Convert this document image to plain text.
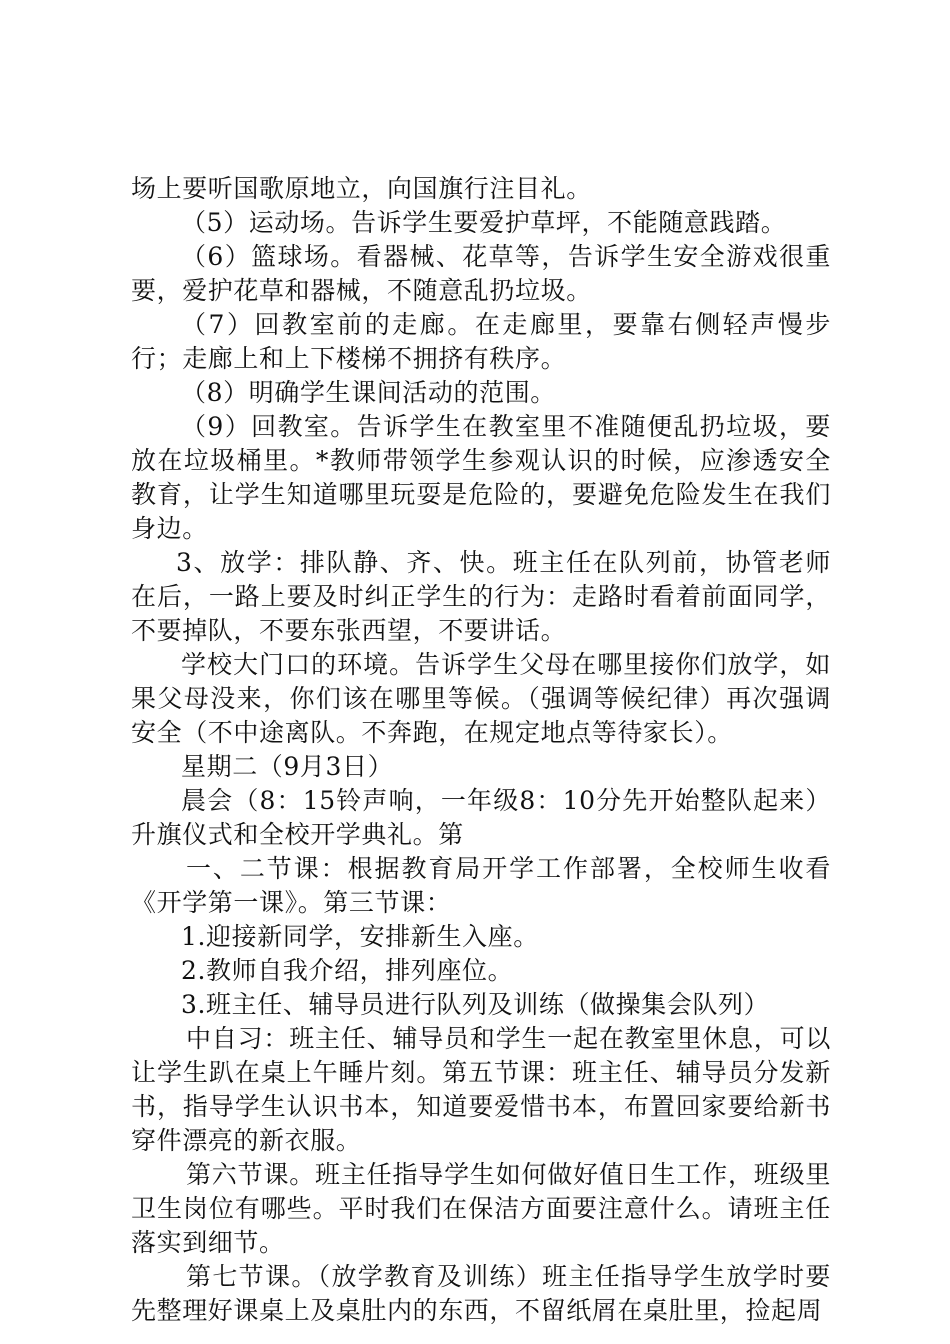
场上要听国歌原地立，向国旗行注目礼。

（5）运动场。告诉学生要爱护草坪，不能随意践踏。

（6）篮球场。看器械、花草等，告诉学生安全游戏很重要，爱护花草和器械，不随意乱扔垃圾。

（7）回教室前的走廊。在走廊里，要靠右侧轻声慢步行；走廊上和上下楼梯不拥挤有秩序。

（8）明确学生课间活动的范围。

（9）回教室。告诉学生在教室里不准随便乱扔垃圾，要放在垃圾桶里。*教师带领学生参观认识的时候，应渗透安全教育，让学生知道哪里玩耍是危险的，要避免危险发生在我们身边。

3、放学：排队静、齐、快。班主任在队列前，协管老师在后，一路上要及时纠正学生的行为：走路时看着前面同学，不要掉队，不要东张西望，不要讲话。

学校大门口的环境。告诉学生父母在哪里接你们放学，如果父母没来，你们该在哪里等候。（强调等候纪律）再次强调安全（不中途离队。不奔跑，在规定地点等待家长）。

星期二（9月3日）

晨会（8：15铃声响，一年级8：10分先开始整队起来）升旗仪式和全校开学典礼。第

一、二节课：根据教育局开学工作部署，全校师生收看《开学第一课》。第三节课：

1.迎接新同学，安排新生入座。

2.教师自我介绍，排列座位。

3.班主任、辅导员进行队列及训练（做操集会队列）

中自习：班主任、辅导员和学生一起在教室里休息，可以让学生趴在桌上午睡片刻。第五节课：班主任、辅导员分发新书，指导学生认识书本，知道要爱惜书本，布置回家要给新书穿件漂亮的新衣服。

第六节课。班主任指导学生如何做好值日生工作，班级里卫生岗位有哪些。平时我们在保洁方面要注意什么。请班主任落实到细节。

第七节课。（放学教育及训练）班主任指导学生放学时要先整理好课桌上及桌肚内的东西，不留纸屑在桌肚里，捡起周
